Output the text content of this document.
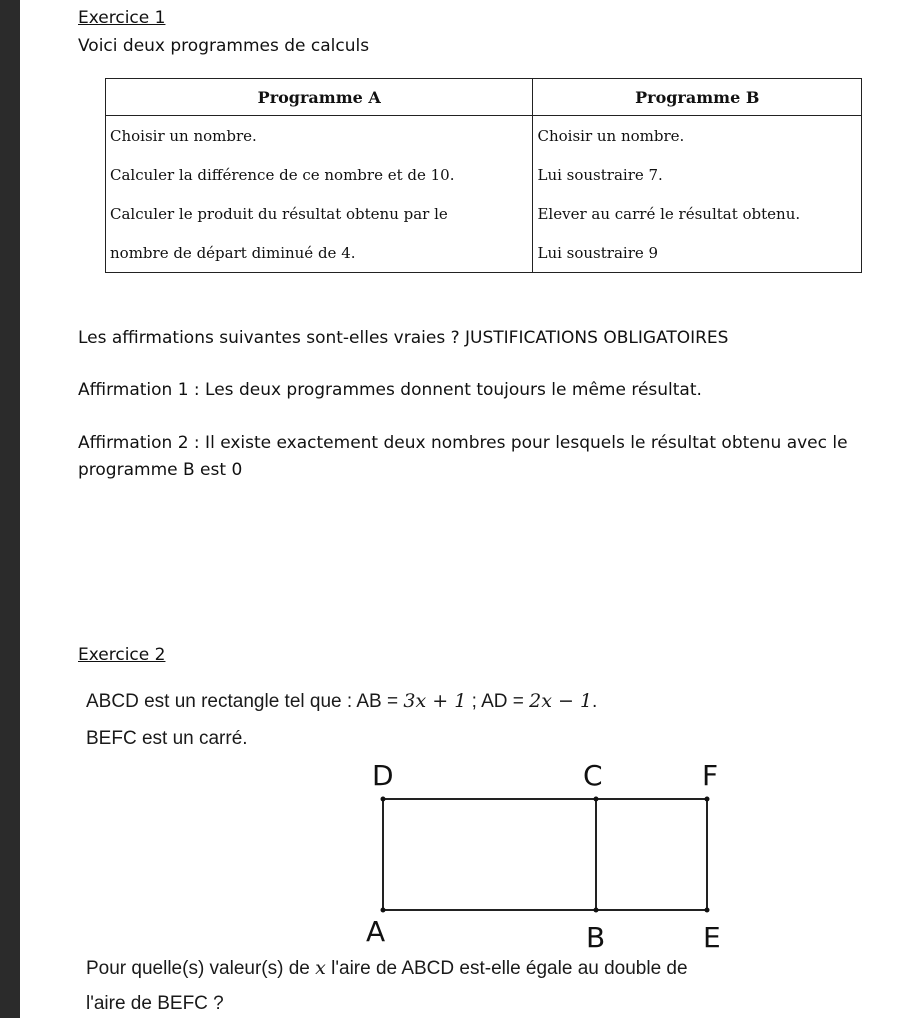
Exercice 1
Voici deux programmes de calculs
Programme A	Programme B
Choisir un nombre.	Choisir un nombre.
Calculer la différence de ce nombre et de 10.	Lui soustraire 7.
Calculer le produit du résultat obtenu par le	Elever au carré le résultat obtenu.
nombre de départ diminué de 4.	Lui soustraire 9
Les affirmations suivantes sont-elles vraies ? JUSTIFICATIONS OBLIGATOIRES
Affirmation 1 : Les deux programmes donnent toujours le même résultat.
Affirmation 2 : Il existe exactement deux nombres pour lesquels le résultat obtenu avec le
programme B est 0
Exercice 2
ABCD est un rectangle tel que : AB = 3x + 1 ; AD = 2x − 1.
BEFC est un carré.
D	C	F
A	B	E
Pour quelle(s) valeur(s) de x l'aire de ABCD est-elle égale au double de
l'aire de BEFC ?
